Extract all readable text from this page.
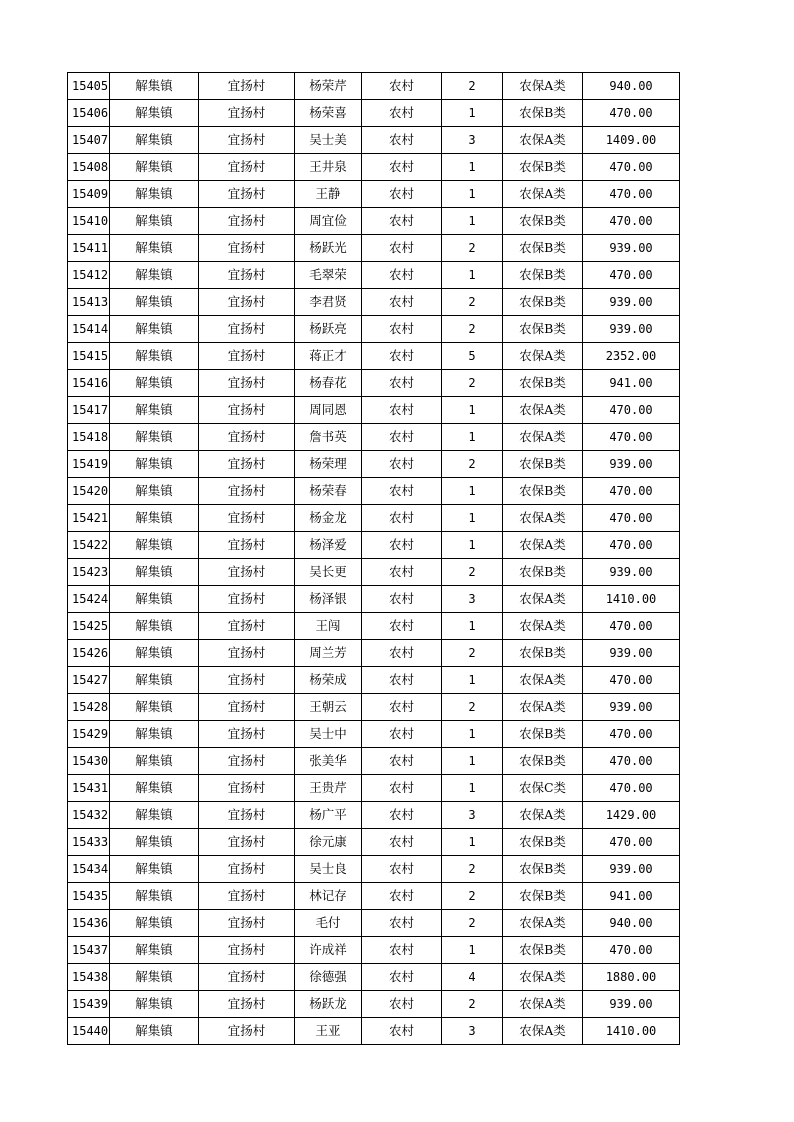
15405	解集镇	宜扬村	杨荣芹	农村	2	农保A类	940.00
15406	解集镇	宜扬村	杨荣喜	农村	1	农保B类	470.00
15407	解集镇	宜扬村	吴士美	农村	3	农保A类	1409.00
15408	解集镇	宜扬村	王井泉	农村	1	农保B类	470.00
15409	解集镇	宜扬村	王静	农村	1	农保A类	470.00
15410	解集镇	宜扬村	周宜俭	农村	1	农保B类	470.00
15411	解集镇	宜扬村	杨跃光	农村	2	农保B类	939.00
15412	解集镇	宜扬村	毛翠荣	农村	1	农保B类	470.00
15413	解集镇	宜扬村	李君贤	农村	2	农保B类	939.00
15414	解集镇	宜扬村	杨跃亮	农村	2	农保B类	939.00
15415	解集镇	宜扬村	蒋正才	农村	5	农保A类	2352.00
15416	解集镇	宜扬村	杨春花	农村	2	农保B类	941.00
15417	解集镇	宜扬村	周同恩	农村	1	农保A类	470.00
15418	解集镇	宜扬村	詹书英	农村	1	农保A类	470.00
15419	解集镇	宜扬村	杨荣理	农村	2	农保B类	939.00
15420	解集镇	宜扬村	杨荣春	农村	1	农保B类	470.00
15421	解集镇	宜扬村	杨金龙	农村	1	农保A类	470.00
15422	解集镇	宜扬村	杨泽爱	农村	1	农保A类	470.00
15423	解集镇	宜扬村	吴长更	农村	2	农保B类	939.00
15424	解集镇	宜扬村	杨泽银	农村	3	农保A类	1410.00
15425	解集镇	宜扬村	王闯	农村	1	农保A类	470.00
15426	解集镇	宜扬村	周兰芳	农村	2	农保B类	939.00
15427	解集镇	宜扬村	杨荣成	农村	1	农保A类	470.00
15428	解集镇	宜扬村	王朝云	农村	2	农保A类	939.00
15429	解集镇	宜扬村	吴士中	农村	1	农保B类	470.00
15430	解集镇	宜扬村	张美华	农村	1	农保B类	470.00
15431	解集镇	宜扬村	王贵芹	农村	1	农保C类	470.00
15432	解集镇	宜扬村	杨广平	农村	3	农保A类	1429.00
15433	解集镇	宜扬村	徐元康	农村	1	农保B类	470.00
15434	解集镇	宜扬村	吴士良	农村	2	农保B类	939.00
15435	解集镇	宜扬村	林记存	农村	2	农保B类	941.00
15436	解集镇	宜扬村	毛付	农村	2	农保A类	940.00
15437	解集镇	宜扬村	许成祥	农村	1	农保B类	470.00
15438	解集镇	宜扬村	徐德强	农村	4	农保A类	1880.00
15439	解集镇	宜扬村	杨跃龙	农村	2	农保A类	939.00
15440	解集镇	宜扬村	王亚	农村	3	农保A类	1410.00
